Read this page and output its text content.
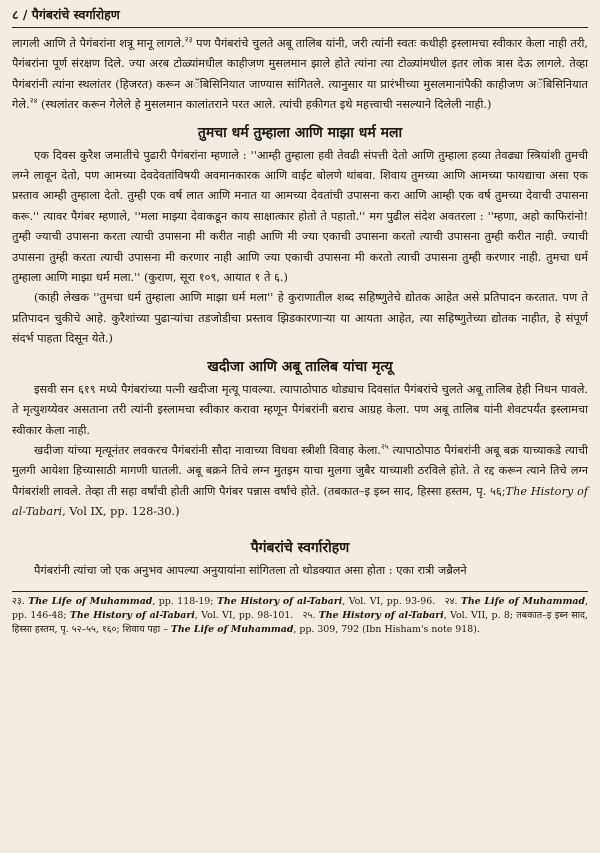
८ / पैगंबरांचे स्वर्गारोहण

लागली आणि ते पैगंबरांना शत्रू मानू लागले.$^{२३}$ पण पैगंबरांचे चुलते अबू तालिब यांनी, जरी त्यांनी स्वतः कधीही इस्लामचा स्वीकार केला नाही तरी, पैगंबरांना पूर्ण संरक्षण दिले. ज्या अरब टोळ्यांमधील काहीजण मुसलमान झाले होते त्यांना त्या टोळ्यांमधील इतर लोक त्रास देऊ लागले. तेव्हा पैगंबरांनी त्यांना स्थलांतर (हिजरत) करून अॅबिसिनियात जाण्यास सांगितले. त्यानुसार या प्रारंभीच्या मुसलमानांपैकी काहीजण अॅबिसिनियात गेले.$^{२४}$ (स्थलांतर करून गेलेले हे मुसलमान कालांतराने परत आले. त्यांची हकीगत इथे महत्त्वाची नसल्याने दिलेली नाही.)

तुमचा धर्म तुम्हाला आणि माझा धर्म मला

एक दिवस कुरैश जमातीचे पुढारी पैगंबरांना म्हणाले : ''आम्ही तुम्हाला हवी तेवढी संपत्ती देतो आणि तुम्हाला हव्या तेवढ्या स्त्रियांशी तुमची लग्ने लावून देतो, पण आमच्या देवदेवतांविषयी अवमानकारक आणि वाईट बोलणे थांबवा. शिवाय तुमच्या आणि आमच्या फायद्याचा असा एक प्रस्ताव आम्ही तुम्हाला देतो. तुम्ही एक वर्ष लात आणि मनात या आमच्या देवतांची उपासना करा आणि आम्ही एक वर्ष तुमच्या देवाची उपासना करू.'' त्यावर पैगंबर म्हणाले, ''मला माझ्या देवाकडून काय साक्षात्कार होतो ते पहातो.'' मग पुढील संदेश अवतरला : ''म्हणा, अहो काफिरांनो! तुम्ही ज्याची उपासना करता त्याची उपासना मी करीत नाही आणि मी ज्या एकाची उपासना करतो त्याची उपासना तुम्ही करीत नाही. ज्याची उपासना तुम्ही करता त्याची उपासना मी करणार नाही आणि ज्या एकाची उपासना मी करतो त्याची उपासना तुम्ही करणार नाही. तुमचा धर्म तुम्हाला आणि माझा धर्म मला.'' (कुराण, सूरा १०९, आयात १ ते ६.)

(काही लेखक ''तुमचा धर्म तुम्हाला आणि माझा धर्म मला'' हे कुराणातील शब्द सहिष्णुतेचे द्योतक आहेत असे प्रतिपादन करतात. पण ते प्रतिपादन चुकीचे आहे. कुरैशांच्या पुढाऱ्यांचा तडजोडीचा प्रस्ताव झिडकारणाऱ्या या आयता आहेत, त्या सहिष्णुतेच्या द्योतक नाहीत, हे संपूर्ण संदर्भ पाहता दिसून येते.)

खदीजा आणि अबू तालिब यांचा मृत्यू

इसवी सन ६१९ मध्ये पैगंबरांच्या पत्नी खदीजा मृत्यू पावल्या. त्यापाठोपाठ थोड्याच दिवसांत पैगंबरांचे चुलते अबू तालिब हेही निधन पावले. ते मृत्युशय्येवर असताना तरी त्यांनी इस्लामचा स्वीकार करावा म्हणून पैगंबरांनी बराच आग्रह केला. पण अबू तालिब यांनी शेवटपर्यंत इस्लामचा स्वीकार केला नाही.

खदीजा यांच्या मृत्यूनंतर लवकरच पैगंबरांनी सौदा नावाच्या विधवा स्त्रीशी विवाह केला.$^{२५}$ त्यापाठोपाठ पैगंबरांनी अबू बक्र याच्याकडे त्याची मुलगी आयेशा हिच्यासाठी मागणी घातली. अबू बक्रने तिचे लग्न मुतइम याचा मुलगा जुबैर याच्याशी ठरविले होते. ते रद्द करून त्याने तिचे लग्न पैगंबरांशी लावले. तेव्हा ती सहा वर्षांची होती आणि पैगंबर पन्नास वर्षांचे होते. (तबकात–इ इब्न साद, हिस्सा हस्तम, पृ. ५६;The History of al-Tabari, Vol IX, pp. 128-30.)

पैगंबरांचे स्वर्गारोहण

पैगंबरांनी त्यांचा जो एक अनुभव आपल्या अनुयायांना सांगितला तो थोडक्यात असा होता : एका रात्री जब्रैलने

२३. The Life of Muhammad, pp. 118-19; The History of al-Tabari, Vol. VI, pp. 93-96. २४. The Life of Muhammad, pp. 146-48; The History of al-Tabari, Vol. VI, pp. 98-101. २५. The History of al-Tabari, Vol. VII, p. 8; तबकात–इ इब्न साद, हिस्सा हस्तम, पृ. ५२–५५, १६०; शिवाय पहा – The Life of Muhammad, pp. 309, 792 (Ibn Hisham's note 918).
